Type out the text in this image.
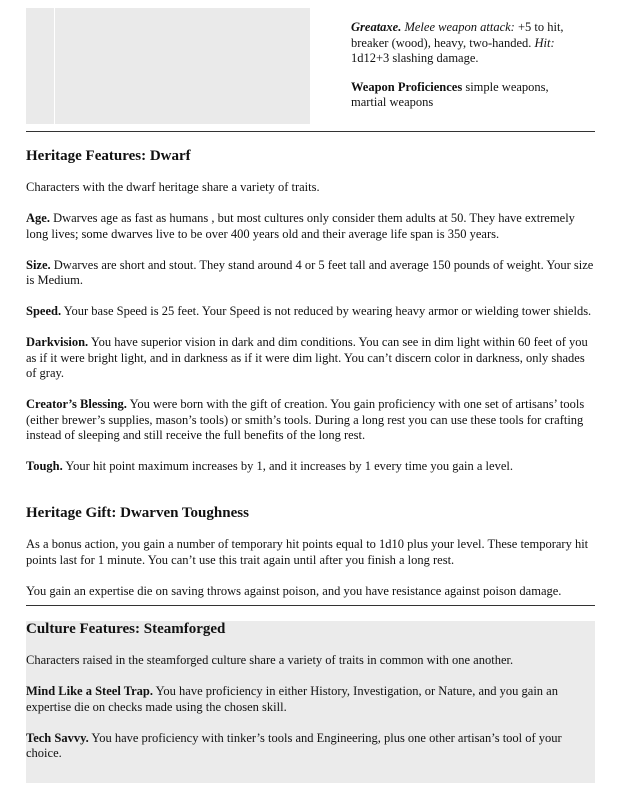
Greataxe. Melee weapon attack: +5 to hit, breaker (wood), heavy, two-handed. Hit: 1d12+3 slashing damage.

Weapon Proficiences simple weapons, martial weapons

Heritage Features: Dwarf

Characters with the dwarf heritage share a variety of traits.

Age. Dwarves age as fast as humans , but most cultures only consider them adults at 50. They have extremely long lives; some dwarves live to be over 400 years old and their average life span is 350 years.

Size. Dwarves are short and stout. They stand around 4 or 5 feet tall and average 150 pounds of weight. Your size is Medium.

Speed. Your base Speed is 25 feet. Your Speed is not reduced by wearing heavy armor or wielding tower shields.

Darkvision. You have superior vision in dark and dim conditions. You can see in dim light within 60 feet of you as if it were bright light, and in darkness as if it were dim light. You can’t discern color in darkness, only shades of gray.

Creator’s Blessing. You were born with the gift of creation. You gain proficiency with one set of artisans’ tools (either brewer’s supplies, mason’s tools) or smith’s tools. During a long rest you can use these tools for crafting instead of sleeping and still receive the full benefits of the long rest.

Tough. Your hit point maximum increases by 1, and it increases by 1 every time you gain a level.

Heritage Gift: Dwarven Toughness

As a bonus action, you gain a number of temporary hit points equal to 1d10 plus your level. These temporary hit points last for 1 minute. You can’t use this trait again until after you finish a long rest.

You gain an expertise die on saving throws against poison, and you have resistance against poison damage.

Culture Features: Steamforged

Characters raised in the steamforged culture share a variety of traits in common with one another.

Mind Like a Steel Trap. You have proficiency in either History, Investigation, or Nature, and you gain an expertise die on checks made using the chosen skill.

Tech Savvy. You have proficiency with tinker’s tools and Engineering, plus one other artisan’s tool of your choice.
